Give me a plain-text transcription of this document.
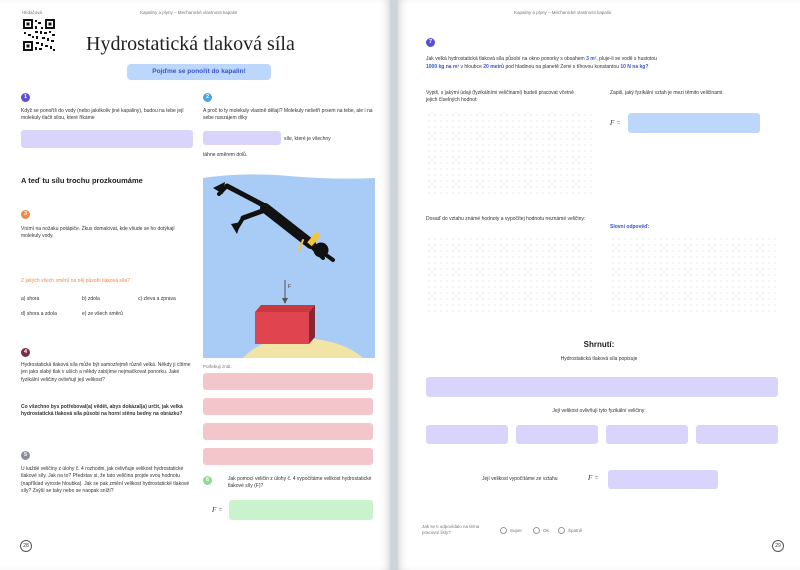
Hlídačová	Kapaliny a plyny – Mechanické vlastnosti kapalin
Hydrostatická tlaková síla
Pojďme se ponořit do kapalin!
1
Když se ponoříš do vody (nebo jakékoliv jiné kapaliny), budou na tebe její molekuly tlačit silou, které říkáme
2
A proč to ty molekuly vlastně dělají? Molekuly nešetří prsem na tebe, ale i na sebe navzájem díky
síle, které je všechny
táhne směrem dolů.
A teď tu sílu trochu prozkoumáme
3
Vnímí na nožaku potápiče. Zkus domalovat, kde všude se ho dotýkají molekuly vody.
Z jakých všech směrů na něj působí tlaková síla?
a) shora	b) zdola	c) zleva a zprava
d) shora a zdola	e) ze všech směrů
4
Hydrostatická tlaková síla může být samozřejmě různě velká. Někdy ji cítíme jen jako slabý tlak v uších a někdy zabíjíme nejmačkovat ponorku. Jaké fyzikální veličiny ovlivňují její velikost?
Co všechno bys potřeboval(a) vědět, abys dokázal(a) určit, jak velká hydrostatická tlaková síla působí na horní stěnu bedny na obrázku?
5
U každé veličiny z úlohy č. 4 rozhodni, jak ovlivňuje velikost hydrostatické tlakové síly. Jak na to? Představ si, že tato veličina projde svou hodnotu (například vyroste hloubka). Jak se pak změní velikost hydrostatické tlakové síly? Zvýší se taky nebo se naopak sníží?
F
Potřebuji znát:
6	Jak pomocí veličin z úlohy č. 4 vypočítáme velikost hydrostatické tlakové síly (F)?
F =
28
Kapaliny a plyny – Mechanické vlastnosti kapalin
7
Jak velká hydrostatická tlaková síla působí na okno ponorky s obsahem 3 m², pluje-li se vodě s hustotou
1000 kg na m³ v hloubce 20 metrů pod hladinou na planetě Zemi s tíhovou konstantou 10 N na kg?
Vypiš, s jakými údaji (fyzikálními veličinami) budeš pracovat včetně jejich číselných hodnot:
Zapiš, jaký fyzikální vztah je mezi těmito veličinami:
F =
Dosaď do vztahu známé hodnoty a vypočítej hodnotu neznámé veličiny:
Slovní odpověď:
Shrnutí:
Hydrostatická tlaková síla popisuje
Její velikost ovlivňují tyto fyzikální veličiny:
Její velikost vypočítáme ze vztahu	F =
Jak se ti odpovídalo na téma pracovní listy?	Super	Ok	Špatně
29
